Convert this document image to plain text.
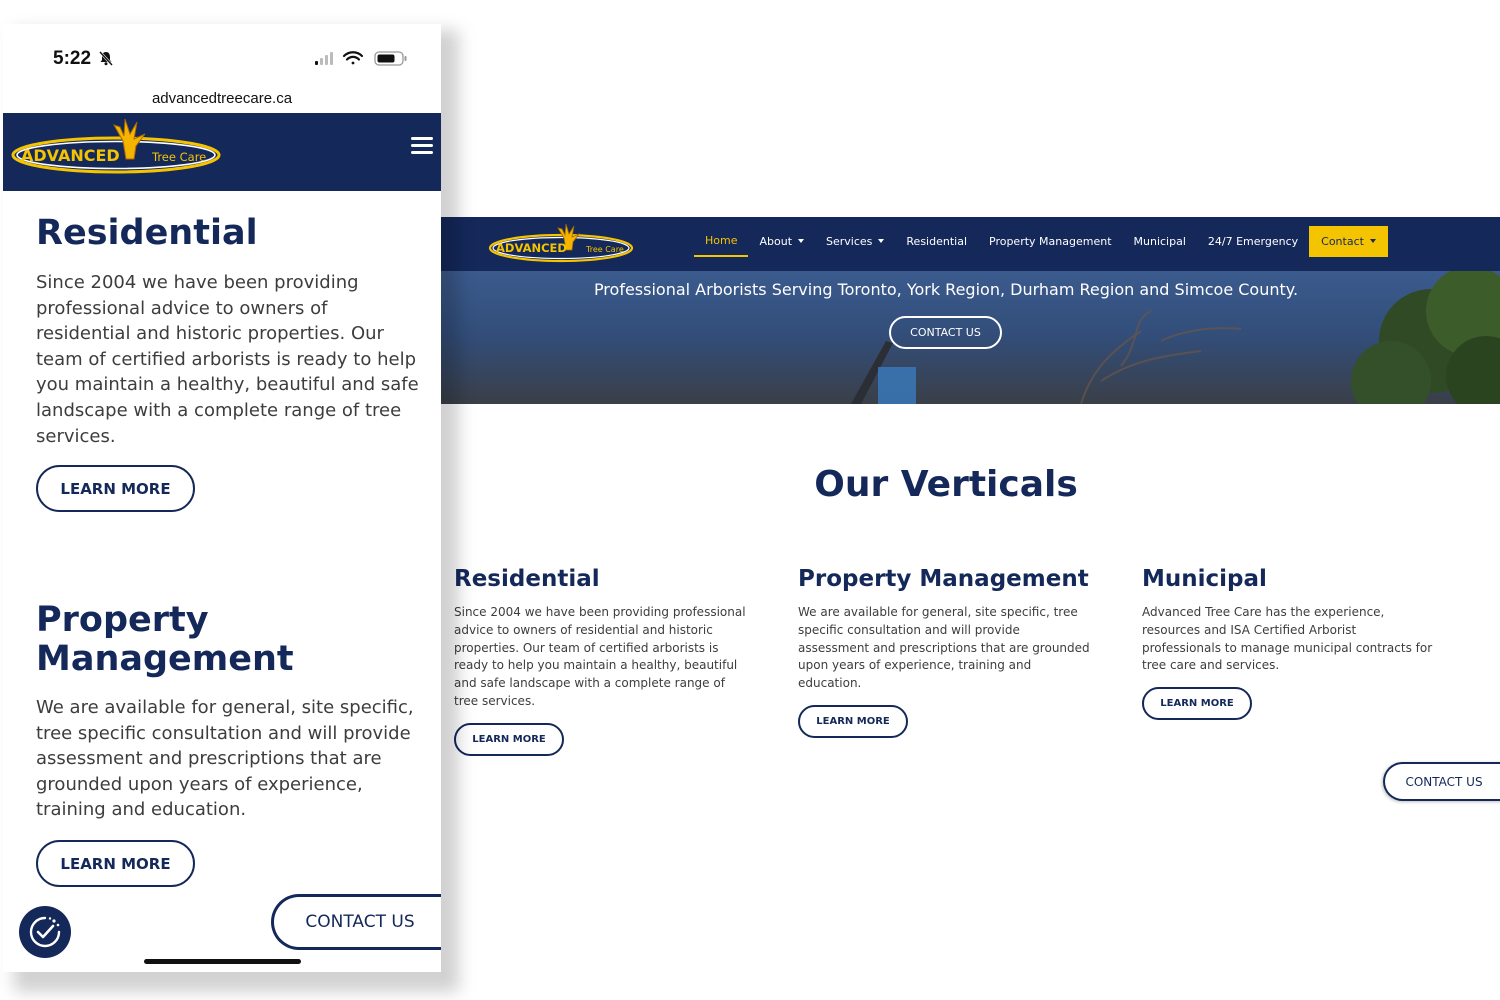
ADVANCED Tree Care
Home About	Services	Residential Property Management Municipal 24/7 Emergency Contact
Professional Arborists Serving Toronto, York Region, Durham Region and Simcoe County.
CONTACT US
Our Verticals
Residential

Since 2004 we have been providing professional advice to owners of residential and historic properties. Our team of certified arborists is ready to help you maintain a healthy, beautiful and safe landscape with a complete range of tree services.

LEARN MORE
Property Management

We are available for general, site specific, tree specific consultation and will provide assessment and prescriptions that are grounded upon years of experience, training and education.

LEARN MORE
Municipal

Advanced Tree Care has the experience, resources and ISA Certified Arborist professionals to manage municipal contracts for tree care and services.

LEARN MORE
CONTACT US
5:22
advancedtreecare.ca
ADVANCED	Tree Care
Residential
Since 2004 we have been providing professional advice to owners of residential and historic properties. Our team of certified arborists is ready to help you maintain a healthy, beautiful and safe landscape with a complete range of tree services.
LEARN MORE
Property Management
We are available for general, site specific, tree specific consultation and will provide assessment and prescriptions that are grounded upon years of experience, training and education.
LEARN MORE
CONTACT US
